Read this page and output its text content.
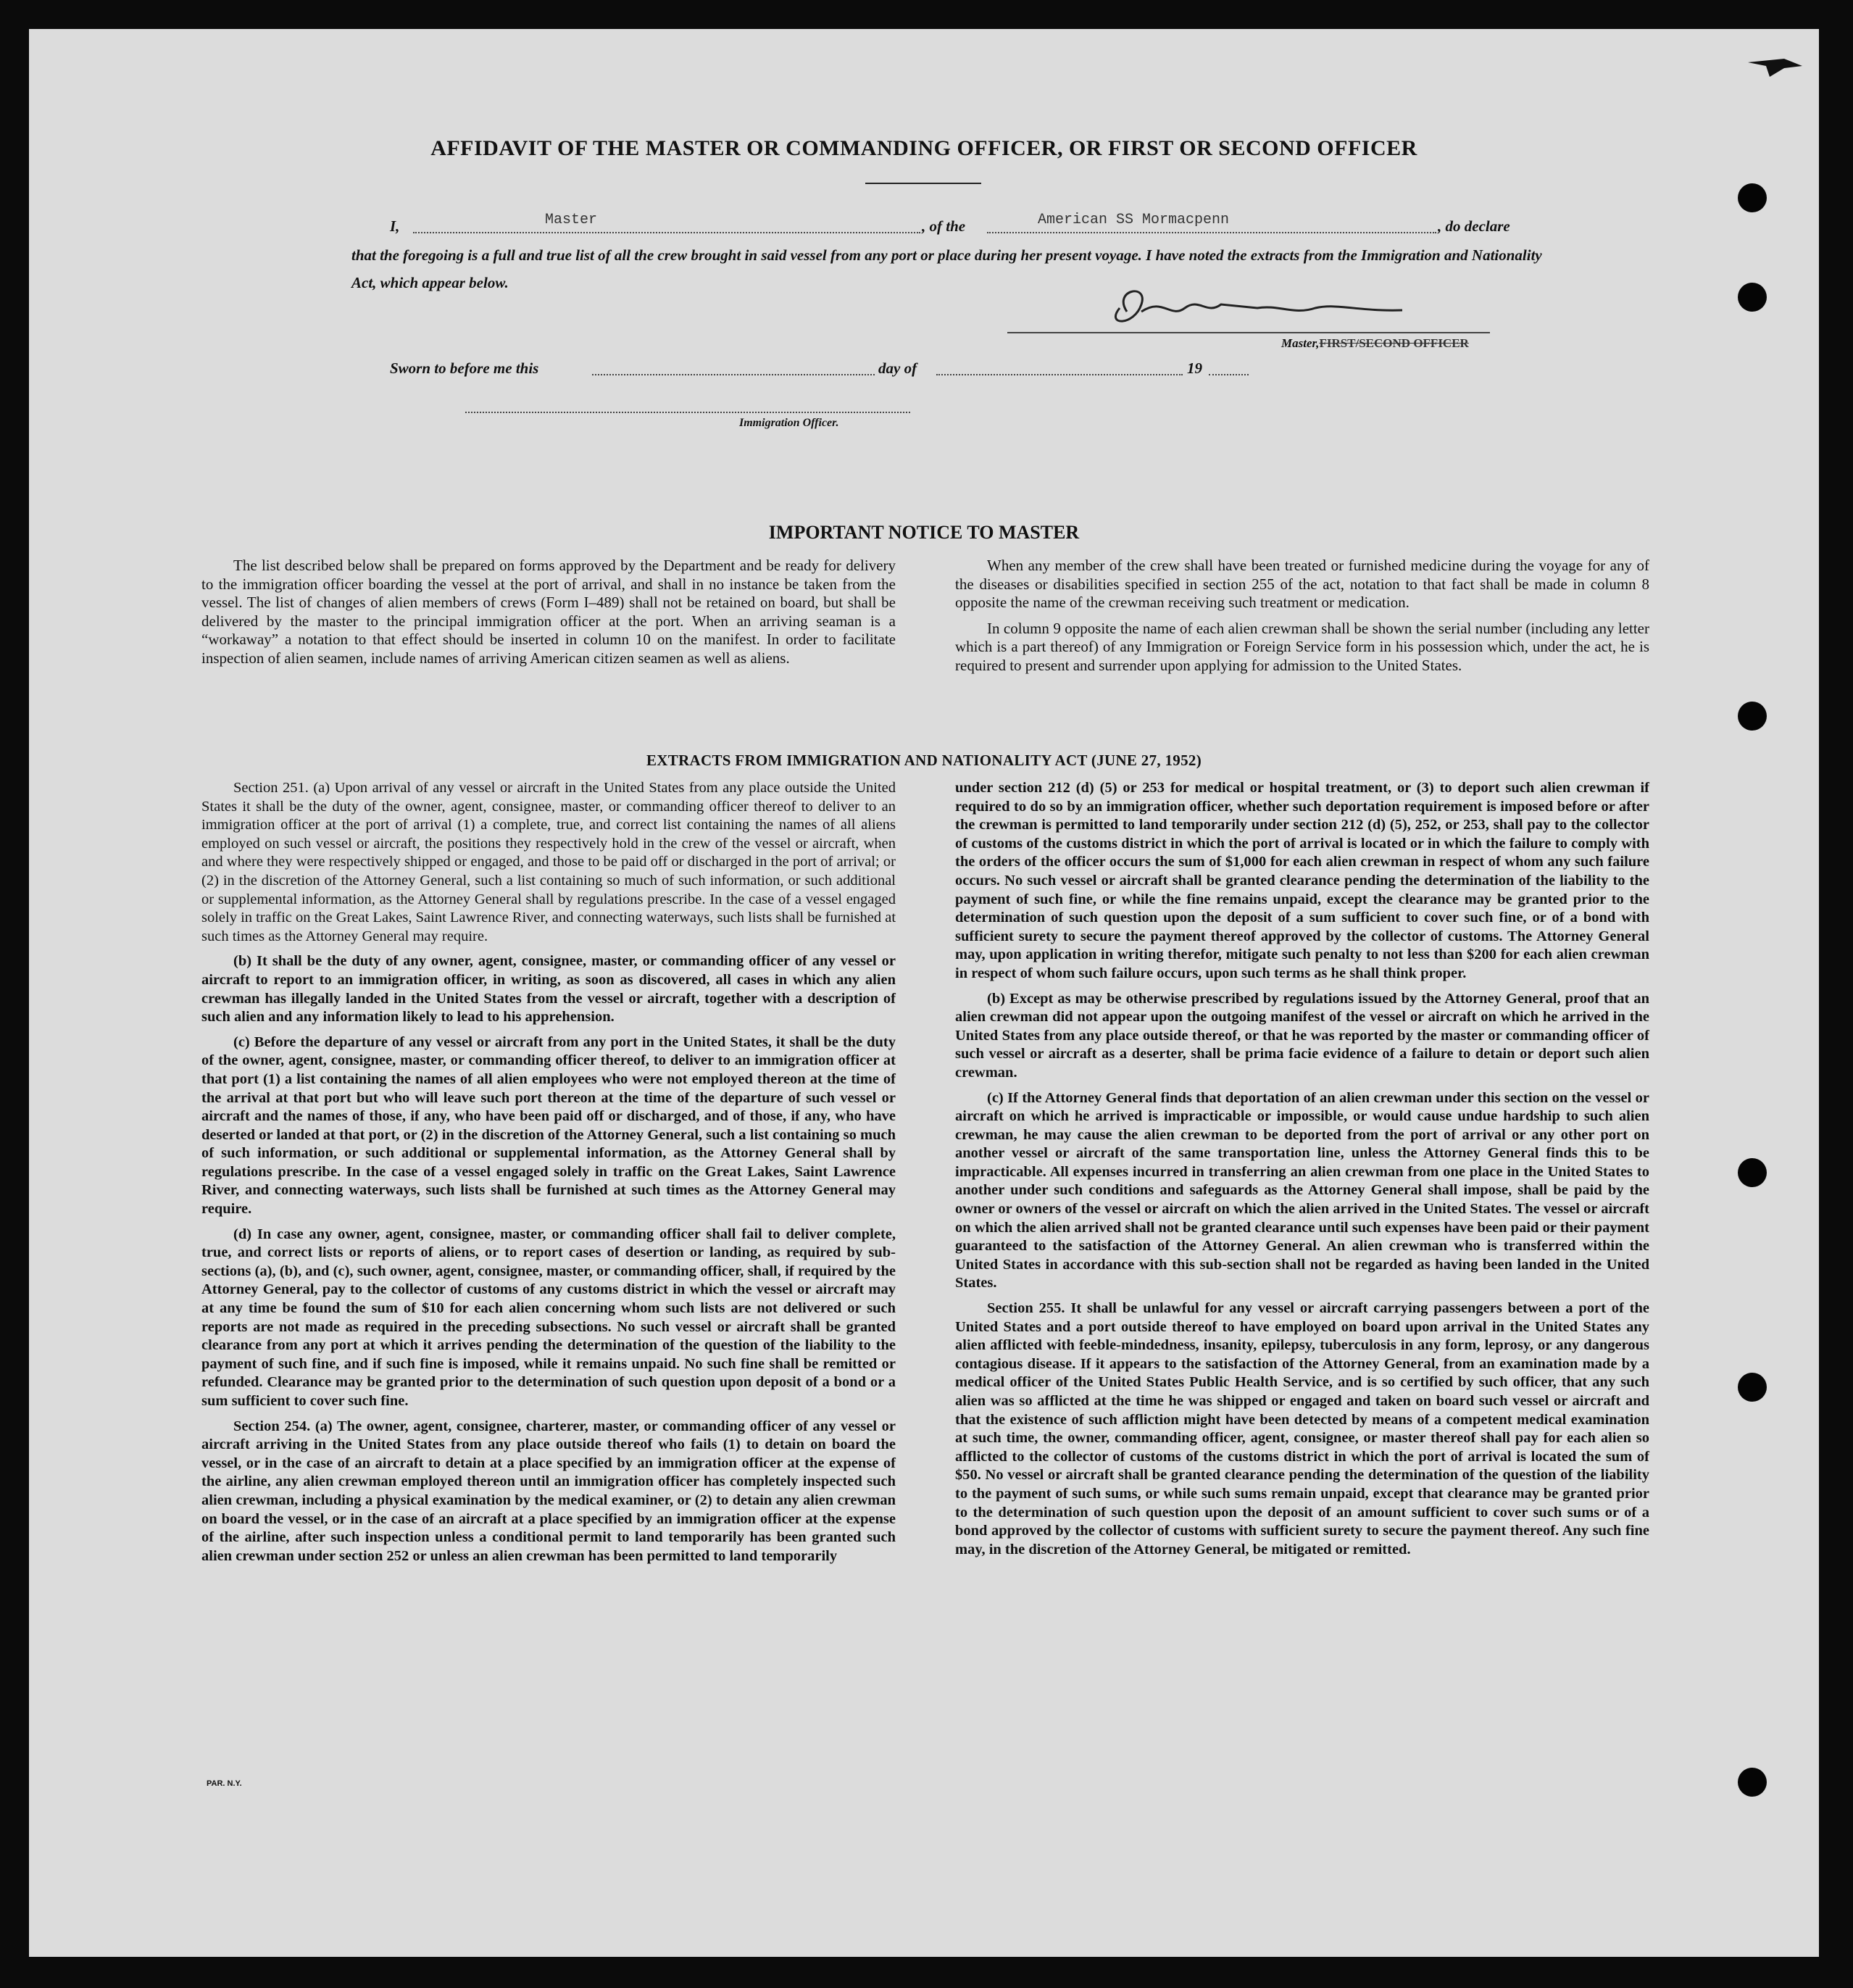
AFFIDAVIT OF THE MASTER OR COMMANDING OFFICER, OR FIRST OR SECOND OFFICER
I,	Master	, of the	American SS Mormacpenn	, do declare
that the foregoing is a full and true list of all the crew brought in said vessel from any port or place during her present voyage. I have noted the extracts from the Immigration and Nationality Act, which appear below.
Master,FIRST/SECOND OFFICER
Sworn to before me this	day of	19
Immigration Officer.
IMPORTANT NOTICE TO MASTER

The list described below shall be prepared on forms approved by the Department and be ready for delivery to the immigration officer boarding the vessel at the port of arrival, and shall in no instance be taken from the vessel. The list of changes of alien members of crews (Form I–489) shall not be retained on board, but shall be delivered by the master to the principal immigration officer at the port. When an arriving seaman is a “workaway” a notation to that effect should be inserted in column 10 on the manifest. In order to facilitate inspection of alien seamen, include names of arriving American citizen seamen as well as aliens.

When any member of the crew shall have been treated or furnished medicine during the voyage for any of the diseases or disabilities specified in section 255 of the act, notation to that fact shall be made in column 8 opposite the name of the crewman receiving such treatment or medication.

In column 9 opposite the name of each alien crewman shall be shown the serial number (including any letter which is a part thereof) of any Immigration or Foreign Service form in his possession which, under the act, he is required to present and surrender upon applying for admission to the United States.

EXTRACTS FROM IMMIGRATION AND NATIONALITY ACT (JUNE 27, 1952)

Section 251. (a) Upon arrival of any vessel or aircraft in the United States from any place outside the United States it shall be the duty of the owner, agent, consignee, master, or commanding officer thereof to deliver to an immigration officer at the port of arrival (1) a complete, true, and correct list containing the names of all aliens employed on such vessel or aircraft, the positions they respectively hold in the crew of the vessel or aircraft, when and where they were respectively shipped or engaged, and those to be paid off or discharged in the port of arrival; or (2) in the discretion of the Attorney General, such a list containing so much of such information, or such additional or supplemental information, as the Attorney General shall by regulations prescribe. In the case of a vessel engaged solely in traffic on the Great Lakes, Saint Lawrence River, and connecting waterways, such lists shall be furnished at such times as the Attorney General may require.

(b) It shall be the duty of any owner, agent, consignee, master, or commanding officer of any vessel or aircraft to report to an immigration officer, in writing, as soon as discovered, all cases in which any alien crewman has illegally landed in the United States from the vessel or aircraft, together with a description of such alien and any information likely to lead to his apprehension.

(c) Before the departure of any vessel or aircraft from any port in the United States, it shall be the duty of the owner, agent, consignee, master, or commanding officer thereof, to deliver to an immigration officer at that port (1) a list containing the names of all alien employees who were not employed thereon at the time of the arrival at that port but who will leave such port thereon at the time of the departure of such vessel or aircraft and the names of those, if any, who have been paid off or discharged, and of those, if any, who have deserted or landed at that port, or (2) in the discretion of the Attorney General, such a list containing so much of such information, or such additional or supplemental information, as the Attorney General shall by regulations prescribe. In the case of a vessel engaged solely in traffic on the Great Lakes, Saint Lawrence River, and connecting waterways, such lists shall be furnished at such times as the Attorney General may require.

(d) In case any owner, agent, consignee, master, or commanding officer shall fail to deliver complete, true, and correct lists or reports of aliens, or to report cases of desertion or landing, as required by sub-sections (a), (b), and (c), such owner, agent, consignee, master, or commanding officer, shall, if required by the Attorney General, pay to the collector of customs of any customs district in which the vessel or aircraft may at any time be found the sum of $10 for each alien concerning whom such lists are not delivered or such reports are not made as required in the preceding subsections. No such vessel or aircraft shall be granted clearance from any port at which it arrives pending the determination of the question of the liability to the payment of such fine, and if such fine is imposed, while it remains unpaid. No such fine shall be remitted or refunded. Clearance may be granted prior to the determination of such question upon deposit of a bond or a sum sufficient to cover such fine.

Section 254. (a) The owner, agent, consignee, charterer, master, or commanding officer of any vessel or aircraft arriving in the United States from any place outside thereof who fails (1) to detain on board the vessel, or in the case of an aircraft to detain at a place specified by an immigration officer at the expense of the airline, any alien crewman employed thereon until an immigration officer has completely inspected such alien crewman, including a physical examination by the medical examiner, or (2) to detain any alien crewman on board the vessel, or in the case of an aircraft at a place specified by an immigration officer at the expense of the airline, after such inspection unless a conditional permit to land temporarily has been granted such alien crewman under section 252 or unless an alien crewman has been permitted to land temporarily

under section 212 (d) (5) or 253 for medical or hospital treatment, or (3) to deport such alien crewman if required to do so by an immigration officer, whether such deportation requirement is imposed before or after the crewman is permitted to land temporarily under section 212 (d) (5), 252, or 253, shall pay to the collector of customs of the customs district in which the port of arrival is located or in which the failure to comply with the orders of the officer occurs the sum of $1,000 for each alien crewman in respect of whom any such failure occurs. No such vessel or aircraft shall be granted clearance pending the determination of the liability to the payment of such fine, or while the fine remains unpaid, except the clearance may be granted prior to the determination of such question upon the deposit of a sum sufficient to cover such fine, or of a bond with sufficient surety to secure the payment thereof approved by the collector of customs. The Attorney General may, upon application in writing therefor, mitigate such penalty to not less than $200 for each alien crewman in respect of whom such failure occurs, upon such terms as he shall think proper.

(b) Except as may be otherwise prescribed by regulations issued by the Attorney General, proof that an alien crewman did not appear upon the outgoing manifest of the vessel or aircraft on which he arrived in the United States from any place outside thereof, or that he was reported by the master or commanding officer of such vessel or aircraft as a deserter, shall be prima facie evidence of a failure to detain or deport such alien crewman.

(c) If the Attorney General finds that deportation of an alien crewman under this section on the vessel or aircraft on which he arrived is impracticable or impossible, or would cause undue hardship to such alien crewman, he may cause the alien crewman to be deported from the port of arrival or any other port on another vessel or aircraft of the same transportation line, unless the Attorney General finds this to be impracticable. All expenses incurred in transferring an alien crewman from one place in the United States to another under such conditions and safeguards as the Attorney General shall impose, shall be paid by the owner or owners of the vessel or aircraft on which the alien arrived in the United States. The vessel or aircraft on which the alien arrived shall not be granted clearance until such expenses have been paid or their payment guaranteed to the satisfaction of the Attorney General. An alien crewman who is transferred within the United States in accordance with this sub-section shall not be regarded as having been landed in the United States.

Section 255. It shall be unlawful for any vessel or aircraft carrying passengers between a port of the United States and a port outside thereof to have employed on board upon arrival in the United States any alien afflicted with feeble-mindedness, insanity, epilepsy, tuberculosis in any form, leprosy, or any dangerous contagious disease. If it appears to the satisfaction of the Attorney General, from an examination made by a medical officer of the United States Public Health Service, and is so certified by such officer, that any such alien was so afflicted at the time he was shipped or engaged and taken on board such vessel or aircraft and that the existence of such affliction might have been detected by means of a competent medical examination at such time, the owner, commanding officer, agent, consignee, or master thereof shall pay for each alien so afflicted to the collector of customs of the customs district in which the port of arrival is located the sum of $50. No vessel or aircraft shall be granted clearance pending the determination of the question of the liability to the payment of such sums, or while such sums remain unpaid, except that clearance may be granted prior to the determination of such question upon the deposit of an amount sufficient to cover such sums or of a bond approved by the collector of customs with sufficient surety to secure the payment thereof. Any such fine may, in the discretion of the Attorney General, be mitigated or remitted.

PAR. N.Y.
